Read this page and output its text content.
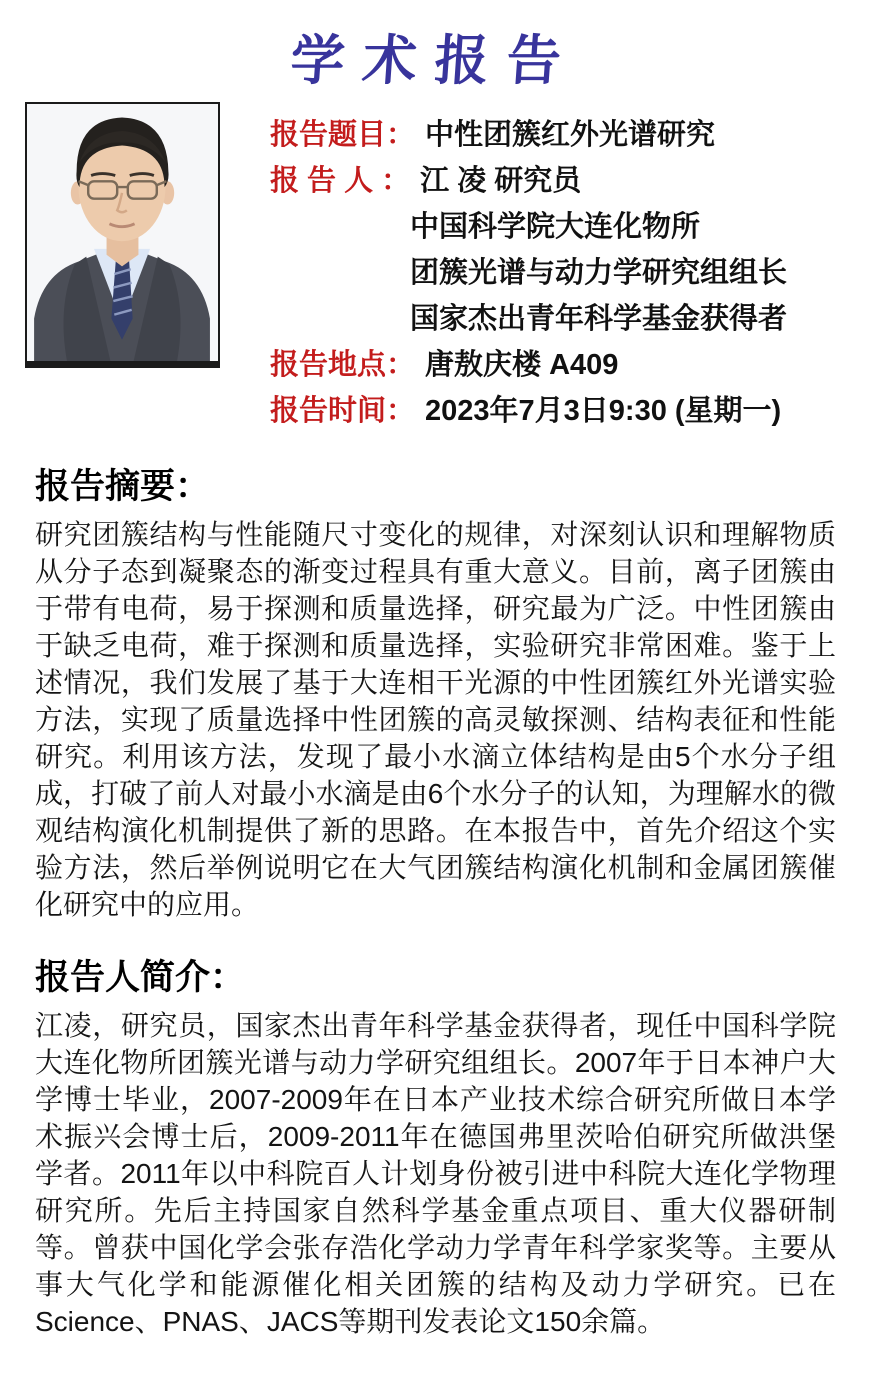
学术报告
报告题目： 中性团簇红外光谱研究
报 告 人 ： 江 凌 研究员
中国科学院大连化物所
团簇光谱与动力学研究组组长
国家杰出青年科学基金获得者
报告地点： 唐敖庆楼 A409
报告时间： 2023年7月3日9:30 (星期一)
报告摘要：
研究团簇结构与性能随尺寸变化的规律，对深刻认识和理解物质从分子态到凝聚态的渐变过程具有重大意义。目前，离子团簇由于带有电荷，易于探测和质量选择，研究最为广泛。中性团簇由于缺乏电荷，难于探测和质量选择，实验研究非常困难。鉴于上述情况，我们发展了基于大连相干光源的中性团簇红外光谱实验方法，实现了质量选择中性团簇的高灵敏探测、结构表征和性能研究。利用该方法，发现了最小水滴立体结构是由5个水分子组成，打破了前人对最小水滴是由6个水分子的认知，为理解水的微观结构演化机制提供了新的思路。在本报告中，首先介绍这个实验方法，然后举例说明它在大气团簇结构演化机制和金属团簇催化研究中的应用。
报告人简介：
江凌，研究员，国家杰出青年科学基金获得者，现任中国科学院大连化物所团簇光谱与动力学研究组组长。2007年于日本神户大学博士毕业，2007-2009年在日本产业技术综合研究所做日本学术振兴会博士后，2009-2011年在德国弗里茨哈伯研究所做洪堡学者。2011年以中科院百人计划身份被引进中科院大连化学物理研究所。先后主持国家自然科学基金重点项目、重大仪器研制等。曾获中国化学会张存浩化学动力学青年科学家奖等。主要从事大气化学和能源催化相关团簇的结构及动力学研究。已在Science、PNAS、JACS等期刊发表论文150余篇。
